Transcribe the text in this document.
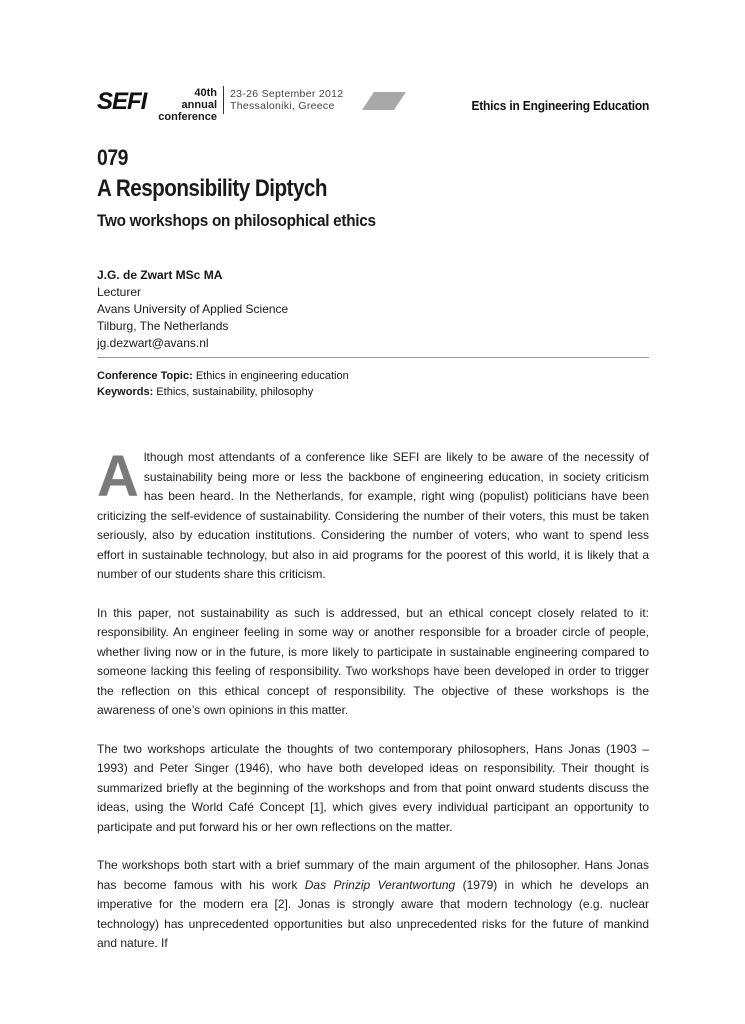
SEFI	40th annual
conference
23-26 September 2012
Thessaloniki, Greece	Ethics in Engineering Education
079
A Responsibility Diptych
Two workshops on philosophical ethics
J.G. de Zwart MSc MA
Lecturer
Avans University of Applied Science
Tilburg, The Netherlands
jg.dezwart@avans.nl
Conference Topic: Ethics in engineering education
Keywords: Ethics, sustainability, philosophy

Although most attendants of a conference like SEFI are likely to be aware of the necessity of sustainability being more or less the backbone of engineering education, in society criticism has been heard. In the Netherlands, for example, right wing (populist) politicians have been criticizing the self-evidence of sustainability. Considering the number of their voters, this must be taken seriously, also by education institutions. Considering the number of voters, who want to spend less effort in sustainable technology, but also in aid programs for the poorest of this world, it is likely that a number of our students share this criticism.

In this paper, not sustainability as such is addressed, but an ethical concept closely related to it: responsibility. An engineer feeling in some way or another responsible for a broader circle of people, whether living now or in the future, is more likely to participate in sustainable engineering compared to someone lacking this feeling of responsibility. Two workshops have been developed in order to trigger the reflection on this ethical concept of responsibility. The objective of these workshops is the awareness of one’s own opinions in this matter.

The two workshops articulate the thoughts of two contemporary philosophers, Hans Jonas (1903 – 1993) and Peter Singer (1946), who have both developed ideas on responsibility. Their thought is summarized briefly at the beginning of the workshops and from that point onward students discuss the ideas, using the World Café Concept [1], which gives every individual participant an opportunity to participate and put forward his or her own reflections on the matter.

The workshops both start with a brief summary of the main argument of the philosopher. Hans Jonas has become famous with his work Das Prinzip Verantwortung (1979) in which he develops an imperative for the modern era [2]. Jonas is strongly aware that modern technology (e.g. nuclear technology) has unprecedented opportunities but also unprecedented risks for the future of mankind and nature. If
